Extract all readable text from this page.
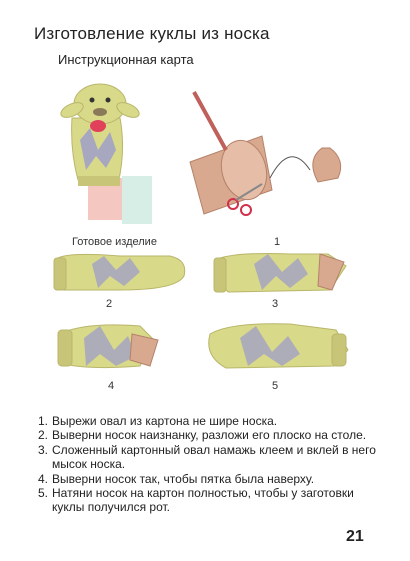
Изготовление куклы из носка
Инструкционная карта
Готовое изделие	1
2	3
4	5
1. Вырежи овал из картона не шире носка.
2. Выверни носок наизнанку, разложи его плоско на столе.
3. Сложенный картонный овал намажь клеем и вклей в него мысок носка.
4. Выверни носок так, чтобы пятка была наверху.
5. Натяни носок на картон полностью, чтобы у заготовки куклы получился рот.
21
